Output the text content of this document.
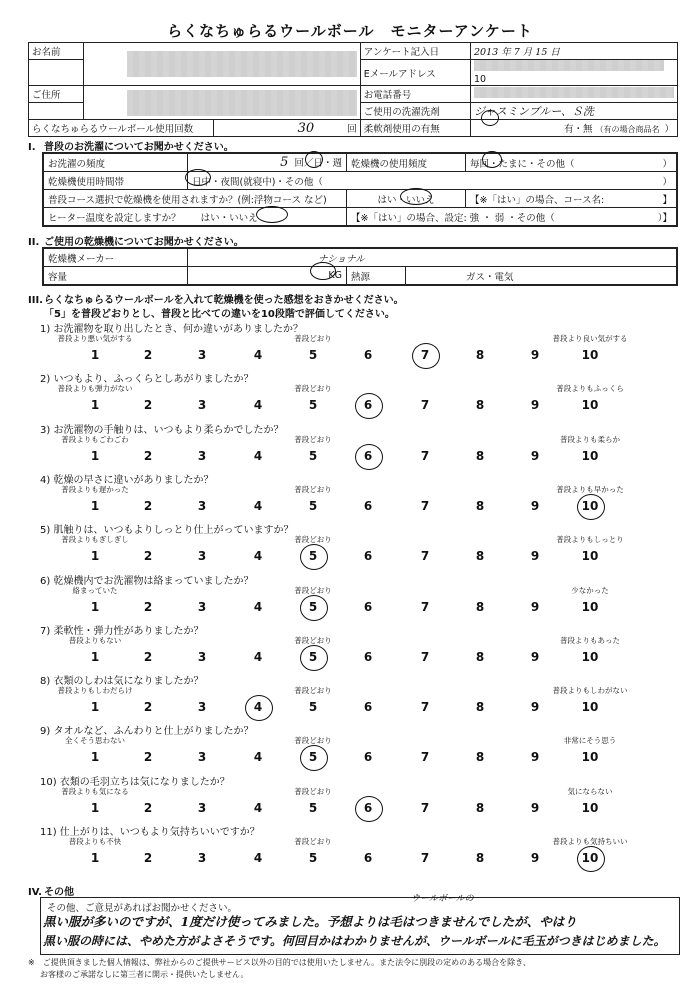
らくなちゅらるウールボール　モニターアンケート
お名前			アンケート記入日	2013 年 7 月 15 日
			Eメールアドレス	10
ご住所			お電話番号	
			ご使用の洗濯洗剤	ジャスミンブルー、Ｓ洗
らくなちゅらるウールボール使用回数		30 回	柔軟剤使用の有無	有・無 （有の場合商品名 ）
I. 普段のお洗濯についてお聞かせください。
お洗濯の頻度	5 回／日・週	乾燥機の使用頻度	毎回・たまに・その他（ ）

乾燥機使用時間帯	日中・夜間(就寝中)・その他（ ）		

普段コース選択で乾燥機を使用されますか？(例:浮物コース など)		はい・いいえ	【※「はい」の場合、コース名: 】

ヒーター温度を設定しますか？ はい・いいえ		【※「はい」の場合、設定: 強 ・ 弱 ・その他（ ）】	
II. ご使用の乾燥機についてお聞かせください。
乾燥機メーカー	ナショナル		
容量	KG	熱源	ガス・電気
III.らくなちゅらるウールボールを入れて乾燥機を使った感想をおきかせください。
「5」を普段どおりとし、普段と比べての違いを10段階で評価してください。
1) お洗濯物を取り出したとき、何か違いがありましたか？
普段より悪い気がする	普段どおり	普段より良い気がする
1	2	3	4	5	6	7	8	9	10
2) いつもより、ふっくらとしあがりましたか？
普段よりも弾力がない	普段どおり	普段よりもふっくら
1	2	3	4	5	6	7	8	9	10
3) お洗濯物の手触りは、いつもより柔らかでしたか？
普段よりもごわごわ	普段どおり	普段よりも柔らか
1	2	3	4	5	6	7	8	9	10
4) 乾燥の早さに違いがありましたか？
普段よりも遅かった	普段どおり	普段よりも早かった
1	2	3	4	5	6	7	8	9	10
5) 肌触りは、いつもよりしっとり仕上がっていますか？
普段よりもぎしぎし	普段どおり	普段よりもしっとり
1	2	3	4	5	6	7	8	9	10
6) 乾燥機内でお洗濯物は絡まっていましたか？
絡まっていた	普段どおり	少なかった
1	2	3	4	5	6	7	8	9	10
7) 柔軟性・弾力性がありましたか？
普段よりもない	普段どおり	普段よりもあった
1	2	3	4	5	6	7	8	9	10
8) 衣類のしわは気になりましたか？
普段よりもしわだらけ	普段どおり	普段よりもしわがない
1	2	3	4	5	6	7	8	9	10
9) タオルなど、ふんわりと仕上がりましたか？
全くそう思わない	普段どおり	非常にそう思う
1	2	3	4	5	6	7	8	9	10
10) 衣類の毛羽立ちは気になりましたか？
普段よりも気になる	普段どおり	気にならない
1	2	3	4	5	6	7	8	9	10
11) 仕上がりは、いつもより気持ちいいですか？
普段よりも不快	普段どおり	普段よりも気持ちいい
1	2	3	4	5	6	7	8	9	10
IV. その他
その他、ご意見があればお聞かせください。
ウールボールの
黒い服が多いのですが、1度だけ使ってみました。予想よりは毛はつきませんでしたが、やはり
黒い服の時には、やめた方がよさそうです。何回目かはわかりませんが、ウールボールに毛玉がつきはじめました。
※　ご提供頂きました個人情報は、弊社からのご提供サービス以外の目的では使用いたしません。また法令に別段の定めのある場合を除き、
お客様のご承諾なしに第三者に開示・提供いたしません。
